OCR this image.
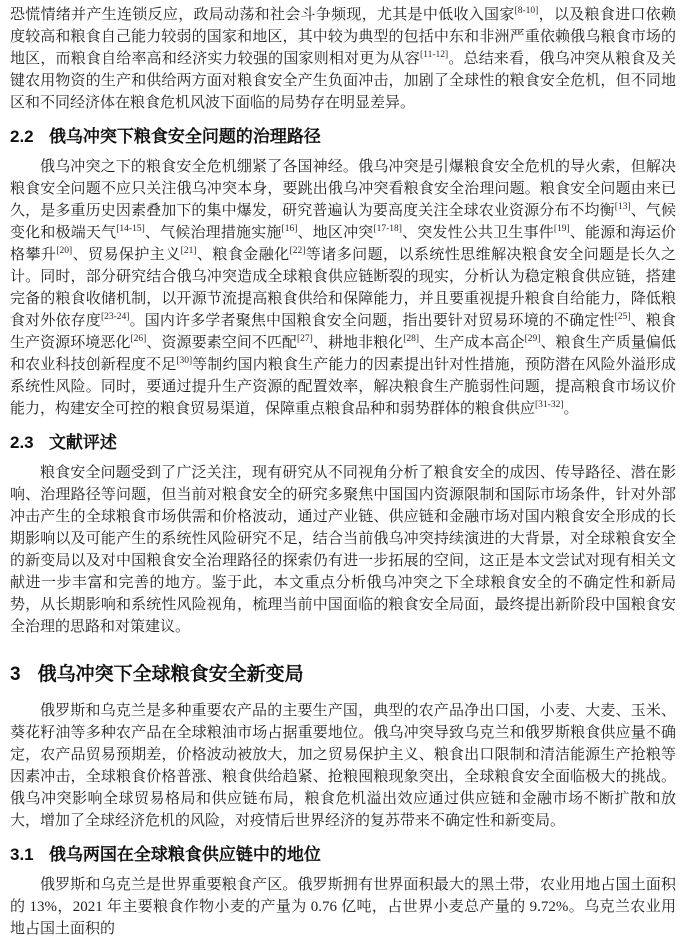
恐慌情绪并产生连锁反应，政局动荡和社会斗争频现，尤其是中低收入国家[8-10]，以及粮食进口依赖度较高和粮食自己能力较弱的国家和地区，其中较为典型的包括中东和非洲严重依赖俄乌粮食市场的地区，而粮食自给率高和经济实力较强的国家则相对更为从容[11-12]。总结来看，俄乌冲突从粮食及关键农用物资的生产和供给两方面对粮食安全产生负面冲击，加剧了全球性的粮食安全危机，但不同地区和不同经济体在粮食危机风波下面临的局势存在明显差异。

2.2 俄乌冲突下粮食安全问题的治理路径

俄乌冲突之下的粮食安全危机绷紧了各国神经。俄乌冲突是引爆粮食安全危机的导火索，但解决粮食安全问题不应只关注俄乌冲突本身，要跳出俄乌冲突看粮食安全治理问题。粮食安全问题由来已久，是多重历史因素叠加下的集中爆发，研究普遍认为要高度关注全球农业资源分布不均衡[13]、气候变化和极端天气[14-15]、气候治理措施实施[16]、地区冲突[17-18]、突发性公共卫生事件[19]、能源和海运价格攀升[20]、贸易保护主义[21]、粮食金融化[22]等诸多问题，以系统性思维解决粮食安全问题是长久之计。同时，部分研究结合俄乌冲突造成全球粮食供应链断裂的现实，分析认为稳定粮食供应链，搭建完备的粮食收储机制，以开源节流提高粮食供给和保障能力，并且要重视提升粮食自给能力，降低粮食对外依存度[23-24]。国内许多学者聚焦中国粮食安全问题，指出要针对贸易环境的不确定性[25]、粮食生产资源环境恶化[26]、资源要素空间不匹配[27]、耕地非粮化[28]、生产成本高企[29]、粮食生产质量偏低和农业科技创新程度不足[30]等制约国内粮食生产能力的因素提出针对性措施，预防潜在风险外溢形成系统性风险。同时，要通过提升生产资源的配置效率，解决粮食生产脆弱性问题，提高粮食市场议价能力，构建安全可控的粮食贸易渠道，保障重点粮食品种和弱势群体的粮食供应[31-32]。

2.3 文献评述

粮食安全问题受到了广泛关注，现有研究从不同视角分析了粮食安全的成因、传导路径、潜在影响、治理路径等问题，但当前对粮食安全的研究多聚焦中国国内资源限制和国际市场条件，针对外部冲击产生的全球粮食市场供需和价格波动，通过产业链、供应链和金融市场对国内粮食安全形成的长期影响以及可能产生的系统性风险研究不足，结合当前俄乌冲突持续演进的大背景，对全球粮食安全的新变局以及对中国粮食安全治理路径的探索仍有进一步拓展的空间，这正是本文尝试对现有相关文献进一步丰富和完善的地方。鉴于此，本文重点分析俄乌冲突之下全球粮食安全的不确定性和新局势，从长期影响和系统性风险视角，梳理当前中国面临的粮食安全局面，最终提出新阶段中国粮食安全治理的思路和对策建议。

3 俄乌冲突下全球粮食安全新变局

俄罗斯和乌克兰是多种重要农产品的主要生产国，典型的农产品净出口国，小麦、大麦、玉米、葵花籽油等多种农产品在全球粮油市场占据重要地位。俄乌冲突导致乌克兰和俄罗斯粮食供应量不确定，农产品贸易预期差，价格波动被放大，加之贸易保护主义、粮食出口限制和清洁能源生产抢粮等因素冲击，全球粮食价格普涨、粮食供给趋紧、抢粮囤粮现象突出，全球粮食安全面临极大的挑战。俄乌冲突影响全球贸易格局和供应链布局，粮食危机溢出效应通过供应链和金融市场不断扩散和放大，增加了全球经济危机的风险，对疫情后世界经济的复苏带来不确定性和新变局。

3.1 俄乌两国在全球粮食供应链中的地位

俄罗斯和乌克兰是世界重要粮食产区。俄罗斯拥有世界面积最大的黑土带，农业用地占国土面积的 13%，2021 年主要粮食作物小麦的产量为 0.76 亿吨，占世界小麦总产量的 9.72%。乌克兰农业用地占国土面积的
